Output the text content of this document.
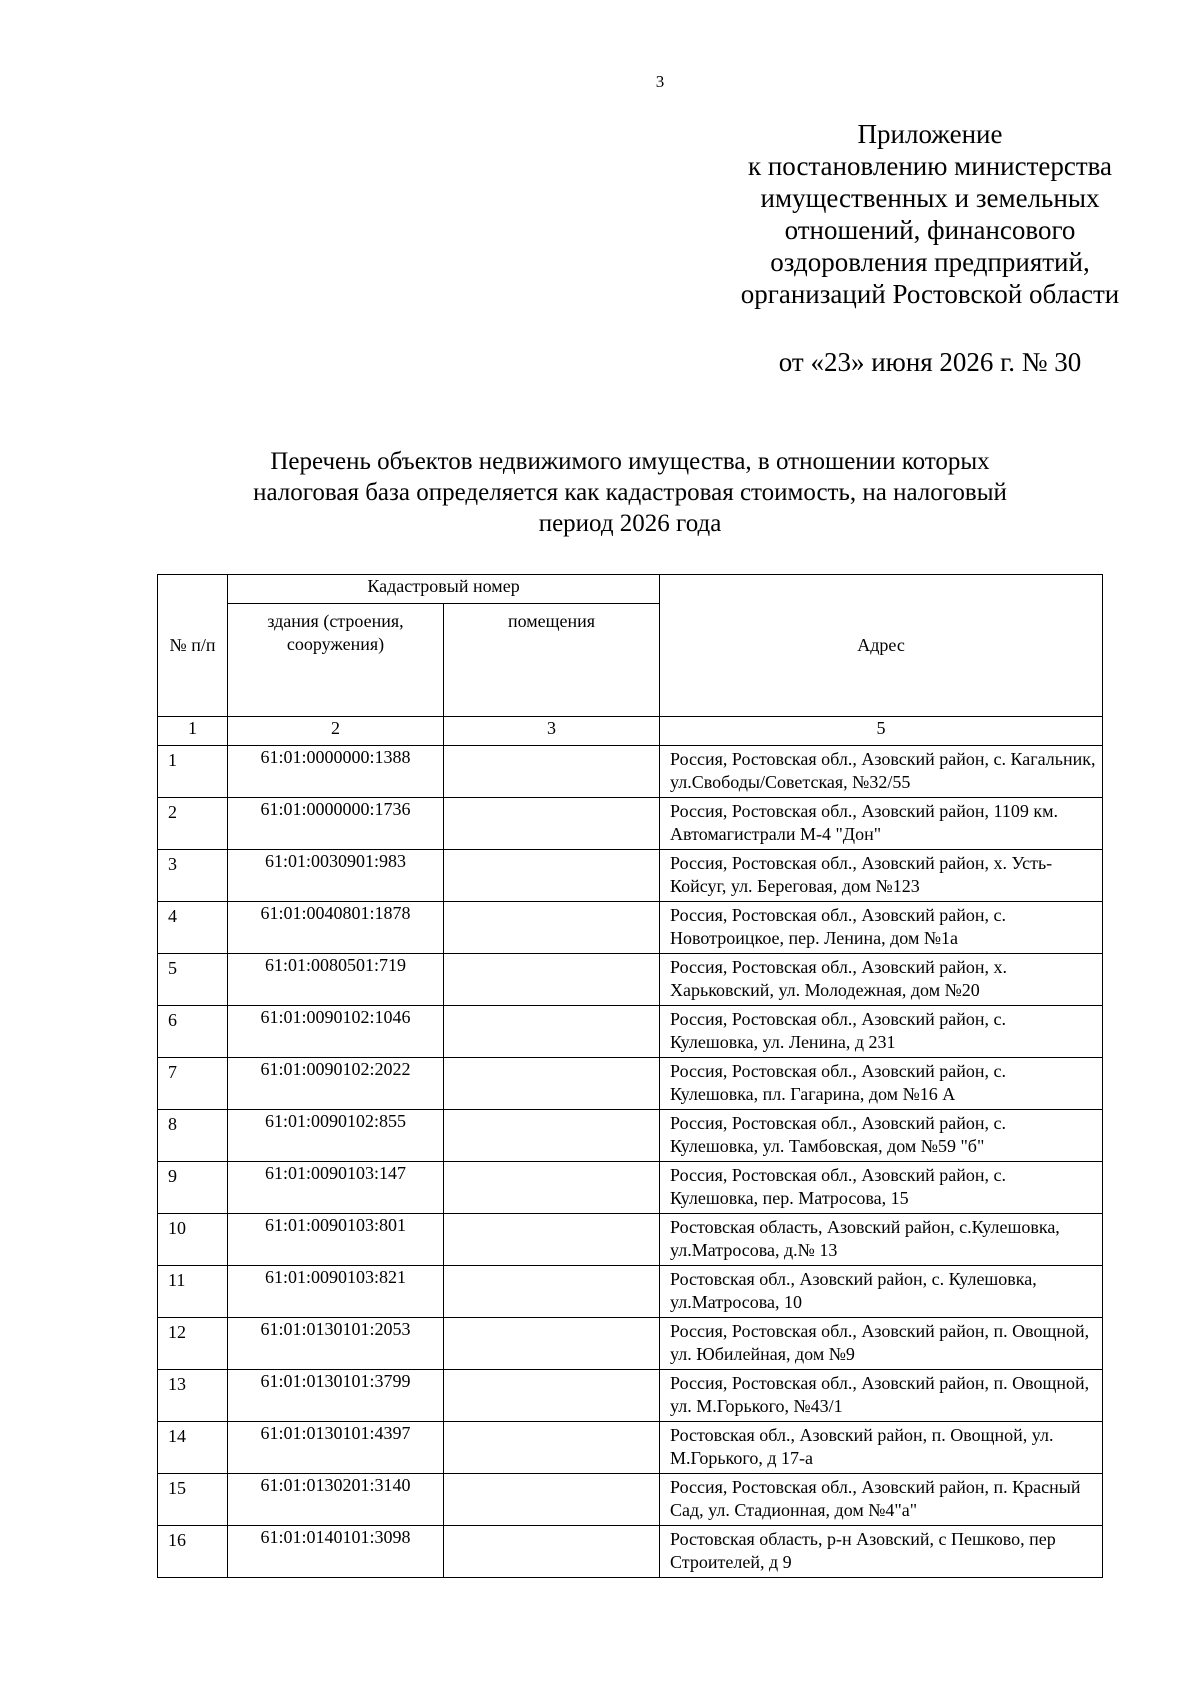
3
Приложение
к постановлению министерства
имущественных и земельных
отношений, финансового
оздоровления предприятий,
организаций Ростовской области
от «23» июня 2026 г. № 30
Перечень объектов недвижимого имущества, в отношении которых
налоговая база определяется как кадастровая стоимость, на налоговый
период 2026 года
№ п/п	Кадастровый номер		Адрес
	здания (строения, сооружения)	помещения	
1	2	3	5
1	61:01:0000000:1388		Россия, Ростовская обл., Азовский район, с. Кагальник, ул.Свободы/Советская, №32/55
2	61:01:0000000:1736		Россия, Ростовская обл., Азовский район, 1109 км. Автомагистрали М-4 "Дон"
3	61:01:0030901:983		Россия, Ростовская обл., Азовский район, х. Усть-Койсуг, ул. Береговая, дом №123
4	61:01:0040801:1878		Россия, Ростовская обл., Азовский район, с. Новотроицкое, пер. Ленина, дом №1а
5	61:01:0080501:719		Россия, Ростовская обл., Азовский район, х. Харьковский, ул. Молодежная, дом №20
6	61:01:0090102:1046		Россия, Ростовская обл., Азовский район, с. Кулешовка, ул. Ленина, д 231
7	61:01:0090102:2022		Россия, Ростовская обл., Азовский район, с. Кулешовка, пл. Гагарина, дом №16 А
8	61:01:0090102:855		Россия, Ростовская обл., Азовский район, с. Кулешовка, ул. Тамбовская, дом №59 "б"
9	61:01:0090103:147		Россия, Ростовская обл., Азовский район, с. Кулешовка, пер. Матросова, 15
10	61:01:0090103:801		Ростовская область, Азовский район, с.Кулешовка, ул.Матросова, д.№ 13
11	61:01:0090103:821		Ростовская обл., Азовский район, с. Кулешовка, ул.Матросова, 10
12	61:01:0130101:2053		Россия, Ростовская обл., Азовский район, п. Овощной, ул. Юбилейная, дом №9
13	61:01:0130101:3799		Россия, Ростовская обл., Азовский район, п. Овощной, ул. М.Горького, №43/1
14	61:01:0130101:4397		Ростовская обл., Азовский район, п. Овощной, ул. М.Горького, д 17-а
15	61:01:0130201:3140		Россия, Ростовская обл., Азовский район, п. Красный Сад, ул. Стадионная, дом №4"а"
16	61:01:0140101:3098		Ростовская область, р-н Азовский, с Пешково, пер Строителей, д 9
